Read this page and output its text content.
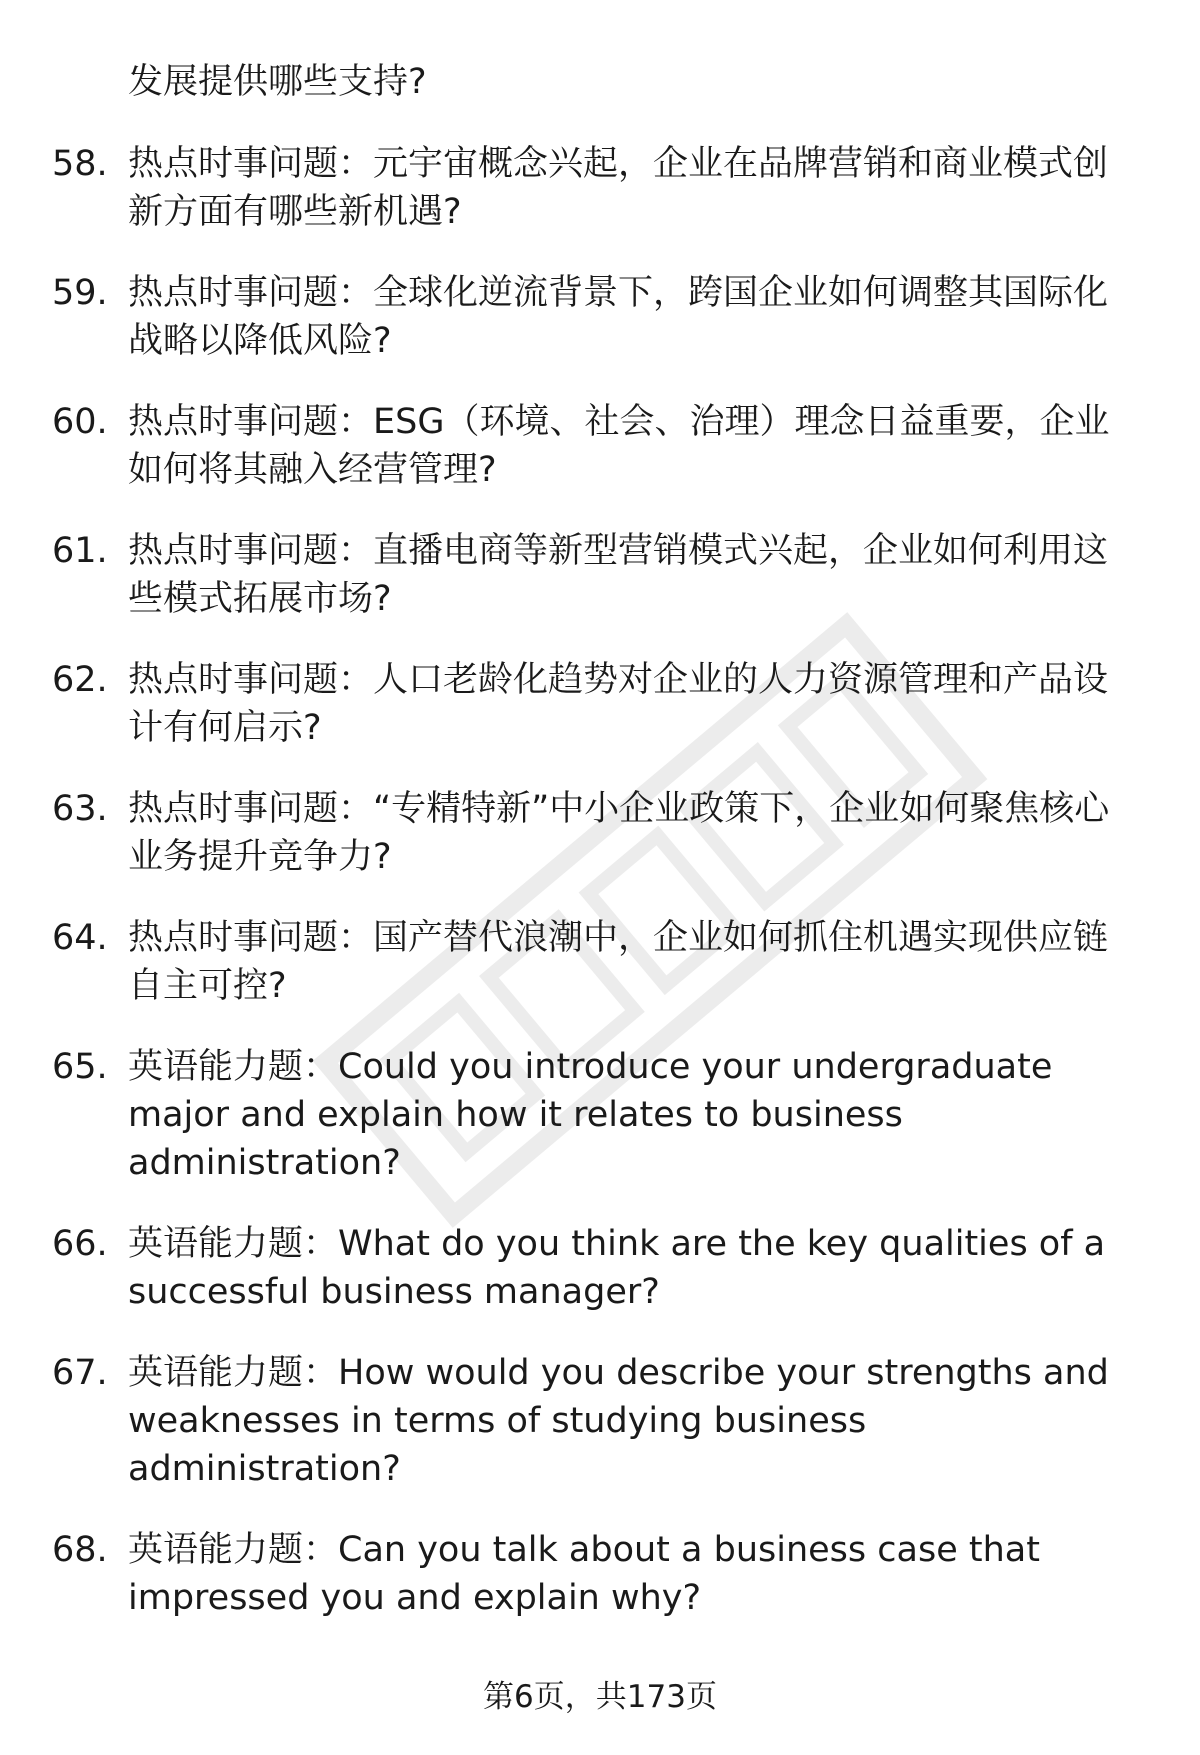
发展提供哪些支持?
58. 热点时事问题：元宇宙概念兴起，企业在品牌营销和商业模式创新方面有哪些新机遇?
59. 热点时事问题：全球化逆流背景下，跨国企业如何调整其国际化战略以降低风险?
60. 热点时事问题：ESG（环境、社会、治理）理念日益重要，企业如何将其融入经营管理?
61. 热点时事问题：直播电商等新型营销模式兴起，企业如何利用这些模式拓展市场?
62. 热点时事问题：人口老龄化趋势对企业的人力资源管理和产品设计有何启示?
63. 热点时事问题：“专精特新”中小企业政策下，企业如何聚焦核心业务提升竞争力?
64. 热点时事问题：国产替代浪潮中，企业如何抓住机遇实现供应链自主可控?
65. 英语能力题：Could you introduce your undergraduate major and explain how it relates to business administration?
66. 英语能力题：What do you think are the key qualities of a successful business manager?
67. 英语能力题：How would you describe your strengths and weaknesses in terms of studying business administration?
68. 英语能力题：Can you talk about a business case that impressed you and explain why?
第6页，共173页
